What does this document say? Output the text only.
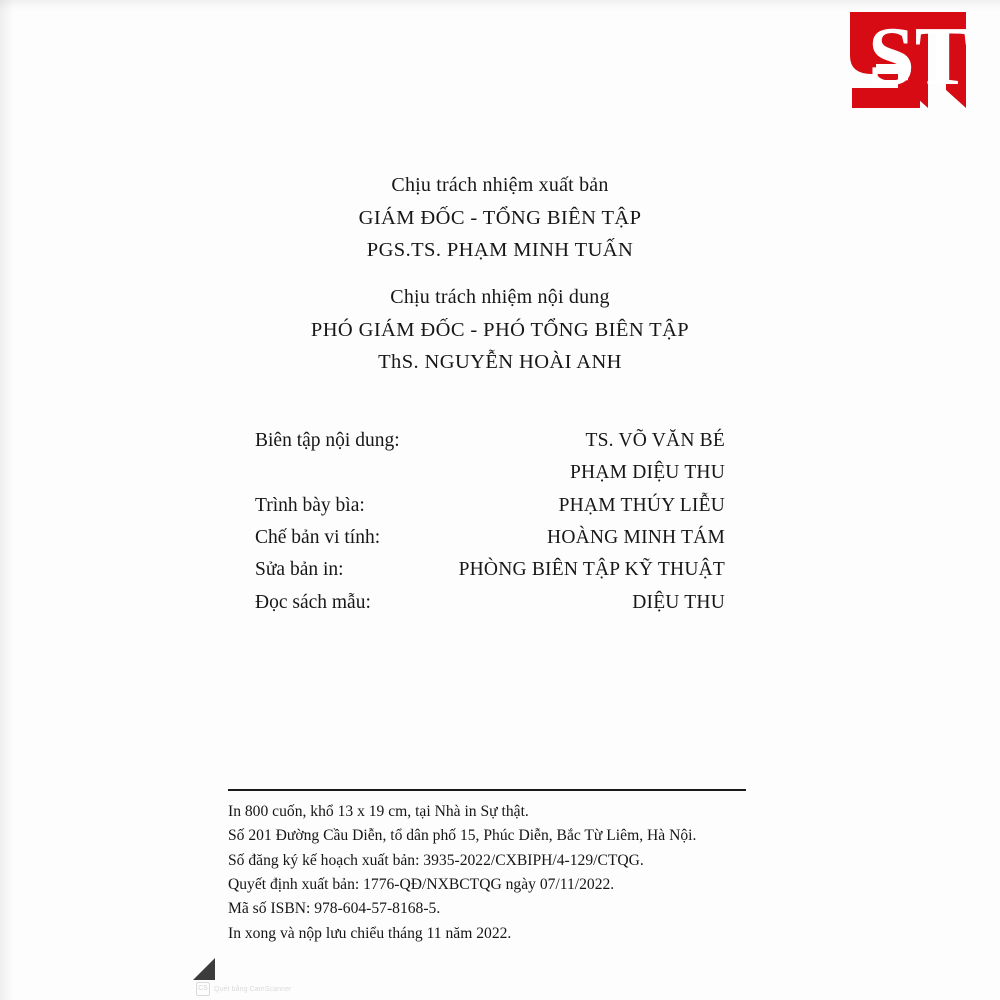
ST
Chịu trách nhiệm xuất bản
GIÁM ĐỐC - TỔNG BIÊN TẬP
PGS.TS. PHẠM MINH TUẤN
Chịu trách nhiệm nội dung
PHÓ GIÁM ĐỐC - PHÓ TỔNG BIÊN TẬP
ThS. NGUYỄN HOÀI ANH
Biên tập nội dung:	TS. VÕ VĂN BÉ
PHẠM DIỆU THU
Trình bày bìa:	PHẠM THÚY LIỄU
Chế bản vi tính:	HOÀNG MINH TÁM
Sửa bản in:	PHÒNG BIÊN TẬP KỸ THUẬT
Đọc sách mẫu:	DIỆU THU
In 800 cuốn, khổ 13 x 19 cm, tại Nhà in Sự thật.
Số 201 Đường Cầu Diễn, tổ dân phố 15, Phúc Diễn, Bắc Từ Liêm, Hà Nội.
Số đăng ký kế hoạch xuất bản: 3935-2022/CXBIPH/4-129/CTQG.
Quyết định xuất bản: 1776-QĐ/NXBCTQG ngày 07/11/2022.
Mã số ISBN: 978-604-57-8168-5.
In xong và nộp lưu chiểu tháng 11 năm 2022.
CS Quét bằng CamScanner
